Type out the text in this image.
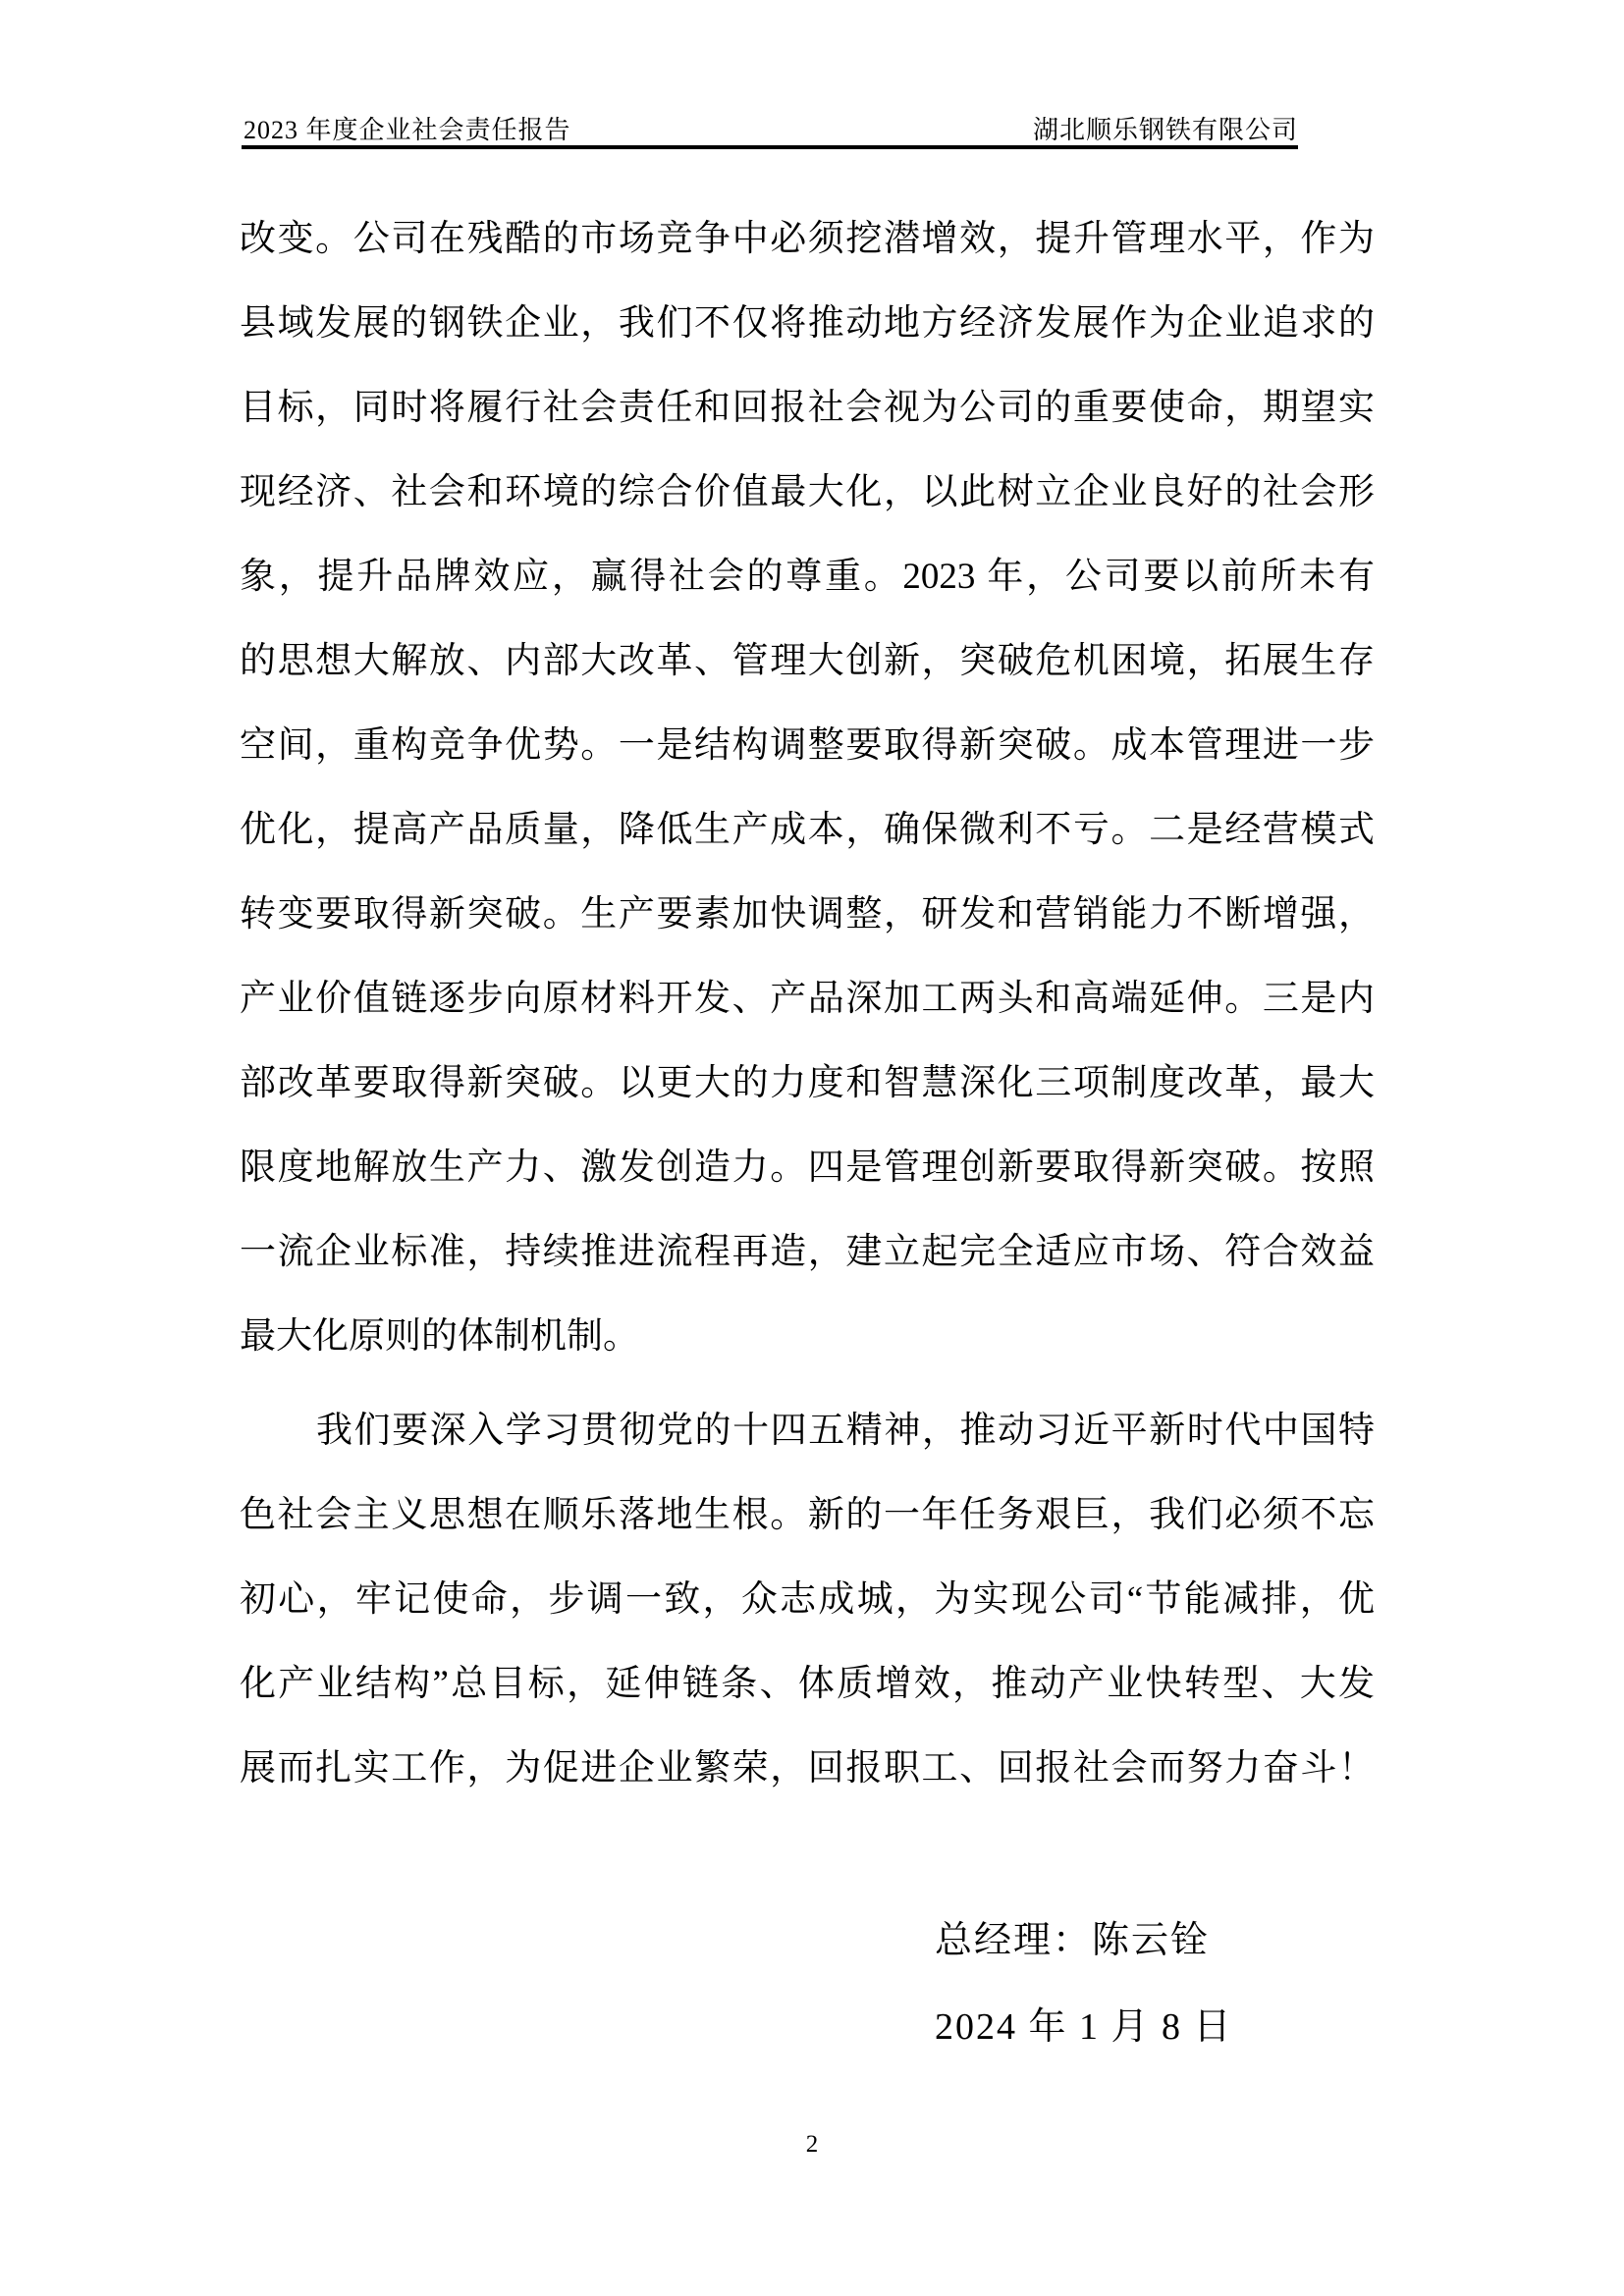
2023 年度企业社会责任报告	湖北顺乐钢铁有限公司
改变。公司在残酷的市场竞争中必须挖潜增效，提升管理水平，作为
县域发展的钢铁企业，我们不仅将推动地方经济发展作为企业追求的
目标，同时将履行社会责任和回报社会视为公司的重要使命，期望实
现经济、社会和环境的综合价值最大化，以此树立企业良好的社会形
象，提升品牌效应，赢得社会的尊重。2023 年，公司要以前所未有
的思想大解放、内部大改革、管理大创新，突破危机困境，拓展生存
空间，重构竞争优势。一是结构调整要取得新突破。成本管理进一步
优化，提高产品质量，降低生产成本，确保微利不亏。二是经营模式
转变要取得新突破。生产要素加快调整，研发和营销能力不断增强，
产业价值链逐步向原材料开发、产品深加工两头和高端延伸。三是内
部改革要取得新突破。以更大的力度和智慧深化三项制度改革，最大
限度地解放生产力、激发创造力。四是管理创新要取得新突破。按照
一流企业标准，持续推进流程再造，建立起完全适应市场、符合效益
最大化原则的体制机制。
我们要深入学习贯彻党的十四五精神，推动习近平新时代中国特
色社会主义思想在顺乐落地生根。新的一年任务艰巨，我们必须不忘
初心，牢记使命，步调一致，众志成城，为实现公司“节能减排，优
化产业结构”总目标，延伸链条、体质增效，推动产业快转型、大发
展而扎实工作，为促进企业繁荣，回报职工、回报社会而努力奋斗！
总经理：陈云铨
2024 年 1 月 8 日
2
